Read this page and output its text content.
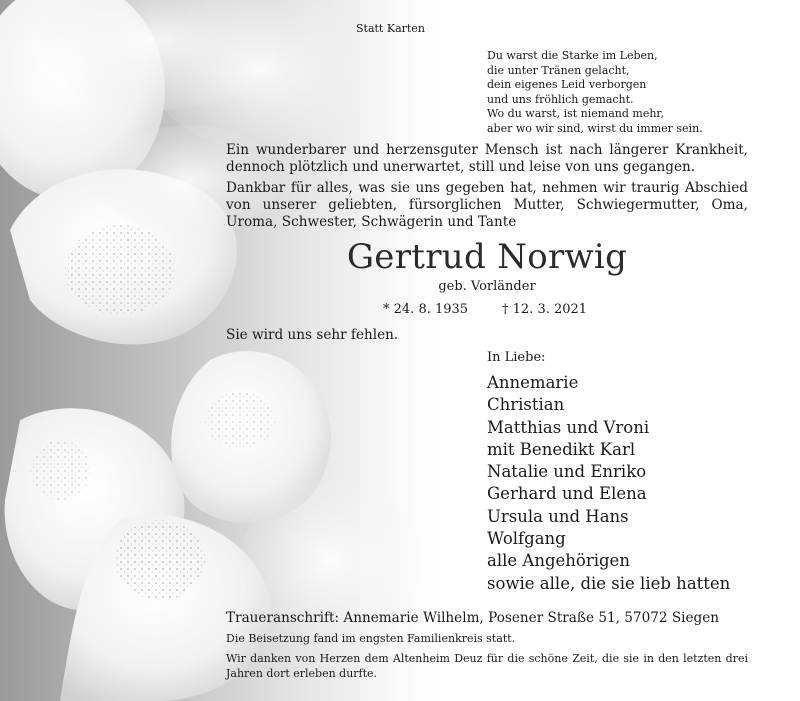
Statt Karten
Du warst die Starke im Leben,
die unter Tränen gelacht,
dein eigenes Leid verborgen
und uns fröhlich gemacht.
Wo du warst, ist niemand mehr,
aber wo wir sind, wirst du immer sein.
Ein wunderbarer und herzensguter Mensch ist nach längerer Krankheit, dennoch plötzlich und unerwartet, still und leise von uns gegangen.
Dankbar für alles, was sie uns gegeben hat, nehmen wir traurig Abschied von unserer geliebten, fürsorglichen Mutter, Schwiegermutter, Oma, Uroma, Schwester, Schwägerin und Tante
Gertrud Norwig
geb. Vorländer
* 24. 8. 1935	† 12. 3. 2021
Sie wird uns sehr fehlen.
In Liebe:
Annemarie
Christian
Matthias und Vroni
mit Benedikt Karl
Natalie und Enriko
Gerhard und Elena
Ursula und Hans
Wolfgang
alle Angehörigen
sowie alle, die sie lieb hatten
Traueranschrift: Annemarie Wilhelm, Posener Straße 51, 57072 Siegen
Die Beisetzung fand im engsten Familienkreis statt.
Wir danken von Herzen dem Altenheim Deuz für die schöne Zeit, die sie in den letzten drei Jahren dort erleben durfte.
